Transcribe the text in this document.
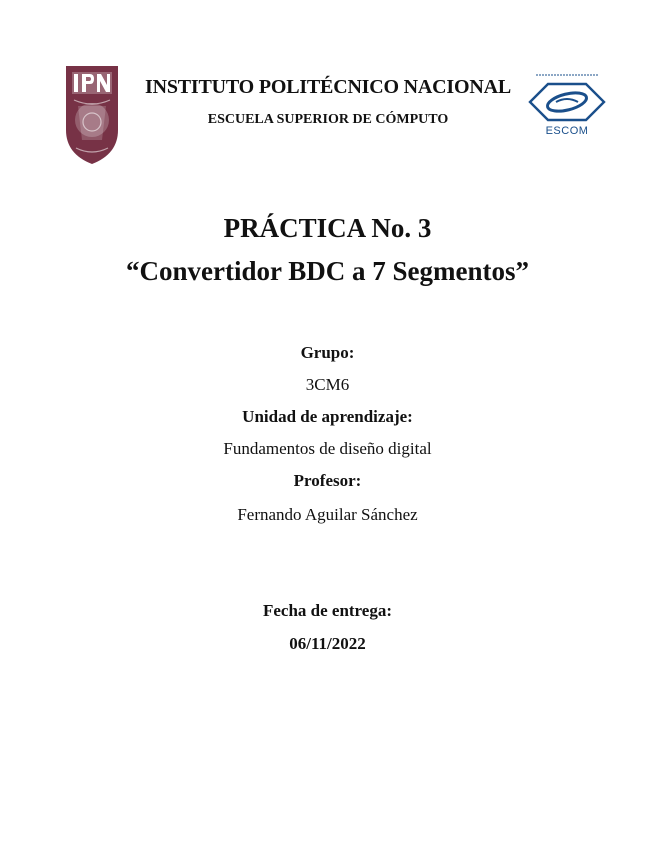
INSTITUTO POLITÉCNICO NACIONAL
ESCUELA SUPERIOR DE CÓMPUTO
ESCOM
PRÁCTICA No. 3
“Convertidor BDC a 7 Segmentos”
Grupo:
3CM6
Unidad de aprendizaje:
Fundamentos de diseño digital
Profesor:
Fernando Aguilar Sánchez
Fecha de entrega:
06/11/2022
